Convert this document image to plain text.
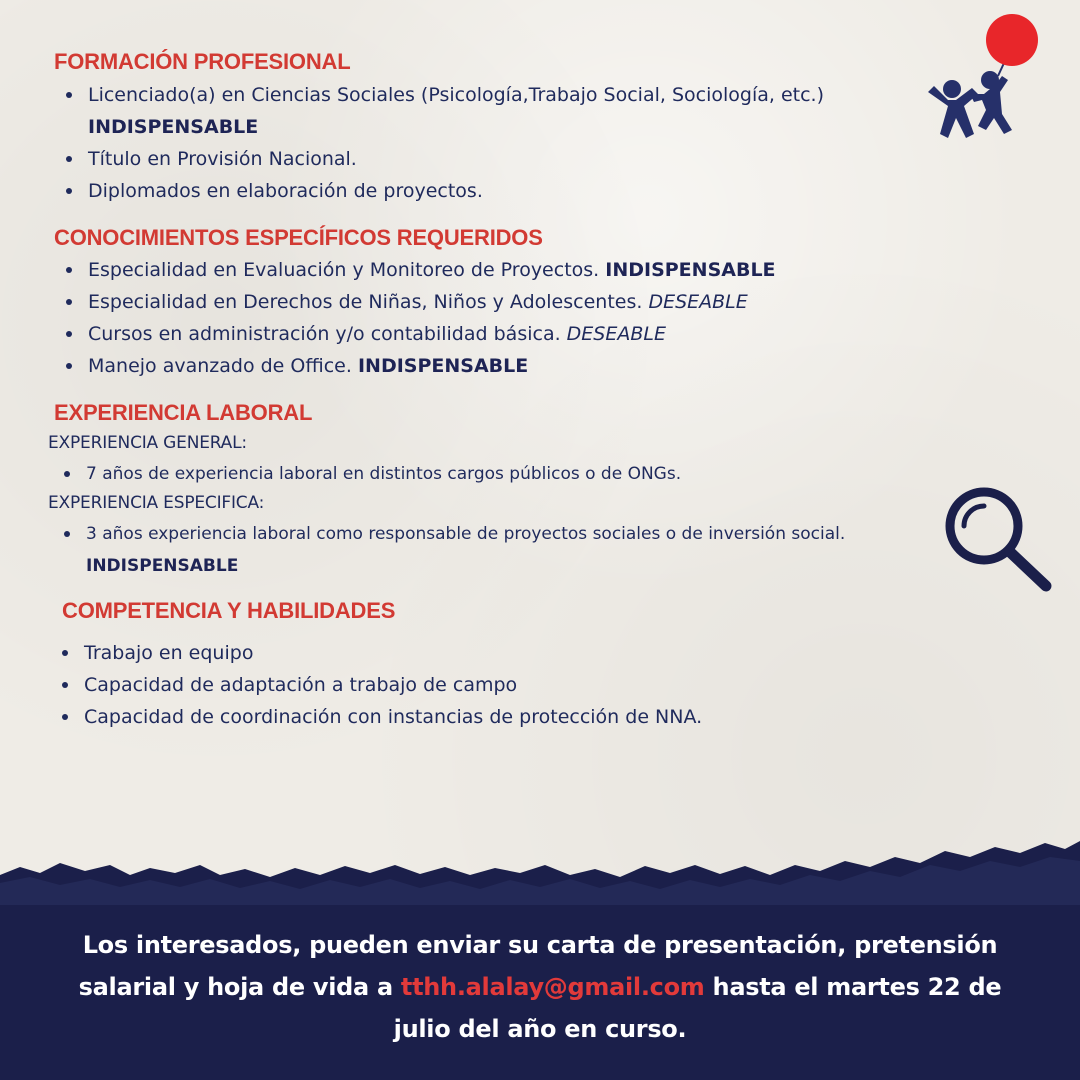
FORMACIÓN PROFESIONAL
Licenciado(a) en Ciencias Sociales (Psicología,Trabajo Social, Sociología, etc.)
INDISPENSABLE
Título en Provisión Nacional.
Diplomados en elaboración de proyectos.
CONOCIMIENTOS ESPECÍFICOS REQUERIDOS
Especialidad en Evaluación y Monitoreo de Proyectos. INDISPENSABLE
Especialidad en Derechos de Niñas, Niños y Adolescentes. DESEABLE
Cursos en administración y/o contabilidad básica. DESEABLE
Manejo avanzado de Office. INDISPENSABLE
EXPERIENCIA LABORAL

EXPERIENCIA GENERAL:

7 años de experiencia laboral en distintos cargos públicos o de ONGs.

EXPERIENCIA ESPECIFICA:

3 años experiencia laboral como responsable de proyectos sociales o de inversión social.
INDISPENSABLE
COMPETENCIA Y HABILIDADES
Trabajo en equipo
Capacidad de adaptación a trabajo de campo
Capacidad de coordinación con instancias de protección de NNA.

Los interesados, pueden enviar su carta de presentación, pretensión
salarial y hoja de vida a tthh.alalay@gmail.com hasta el martes 22 de
julio del año en curso.
